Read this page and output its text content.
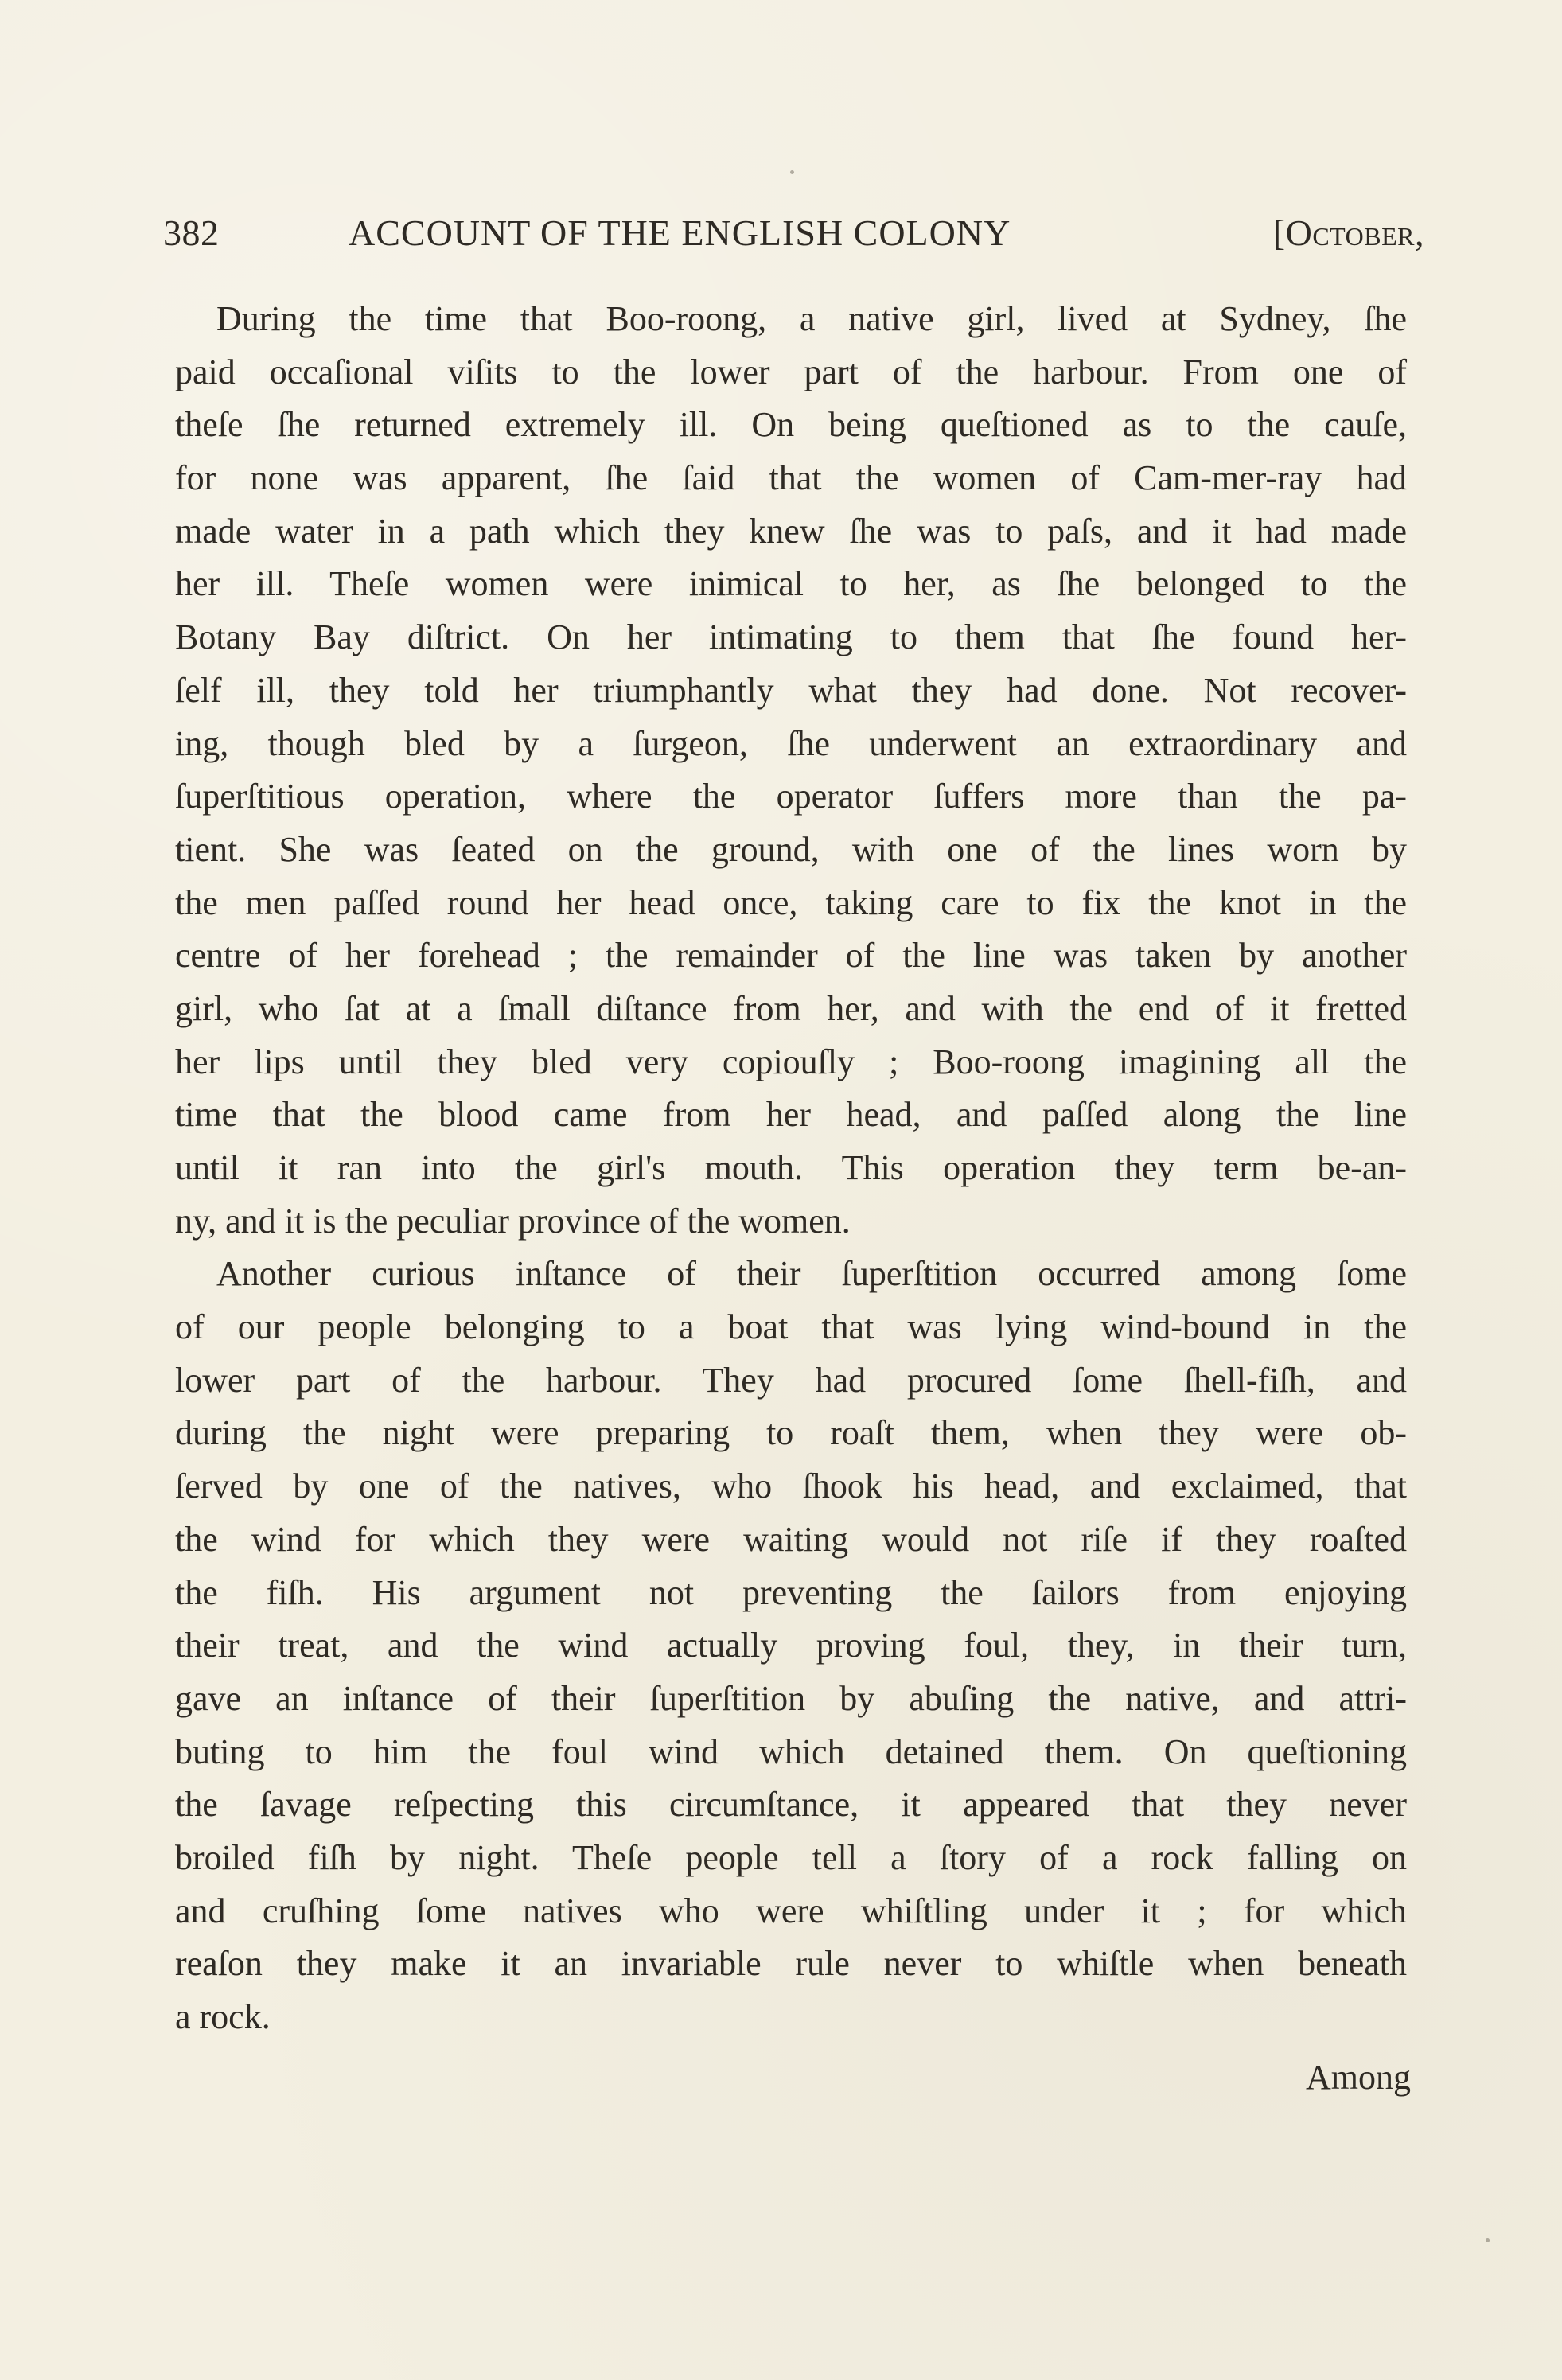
382	ACCOUNT OF THE ENGLISH COLONY	[October,
During the time that Boo-roong, a native girl, lived at Sydney, ſhe
paid occaſional viſits to the lower part of the harbour. From one of
theſe ſhe returned extremely ill. On being queſtioned as to the cauſe,
for none was apparent, ſhe ſaid that the women of Cam-mer-ray had
made water in a path which they knew ſhe was to paſs, and it had made
her ill. Theſe women were inimical to her, as ſhe belonged to the
Botany Bay diſtrict. On her intimating to them that ſhe found her-
ſelf ill, they told her triumphantly what they had done. Not recover-
ing, though bled by a ſurgeon, ſhe underwent an extraordinary and
ſuperſtitious operation, where the operator ſuffers more than the pa-
tient. She was ſeated on the ground, with one of the lines worn by
the men paſſed round her head once, taking care to fix the knot in the
centre of her forehead ; the remainder of the line was taken by another
girl, who ſat at a ſmall diſtance from her, and with the end of it fretted
her lips until they bled very copiouſly ; Boo-roong imagining all the
time that the blood came from her head, and paſſed along the line
until it ran into the girl's mouth. This operation they term be-an-
ny, and it is the peculiar province of the women.
Another curious inſtance of their ſuperſtition occurred among ſome
of our people belonging to a boat that was lying wind-bound in the
lower part of the harbour. They had procured ſome ſhell-fiſh, and
during the night were preparing to roaſt them, when they were ob-
ſerved by one of the natives, who ſhook his head, and exclaimed, that
the wind for which they were waiting would not riſe if they roaſted
the fiſh. His argument not preventing the ſailors from enjoying
their treat, and the wind actually proving foul, they, in their turn,
gave an inſtance of their ſuperſtition by abuſing the native, and attri-
buting to him the foul wind which detained them. On queſtioning
the ſavage reſpecting this circumſtance, it appeared that they never
broiled fiſh by night. Theſe people tell a ſtory of a rock falling on
and cruſhing ſome natives who were whiſtling under it ; for which
reaſon they make it an invariable rule never to whiſtle when beneath
a rock.
Among
